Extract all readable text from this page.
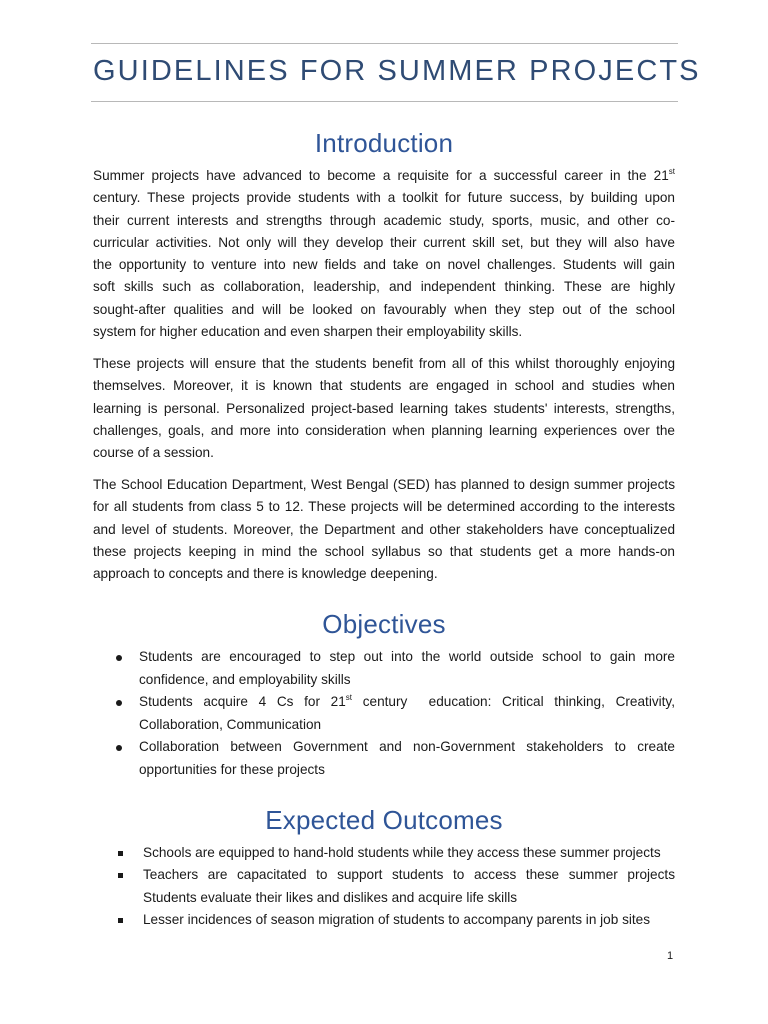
GUIDELINES FOR SUMMER PROJECTS
Introduction

Summer projects have advanced to become a requisite for a successful career in the 21st
century. These projects provide students with a toolkit for future success, by building upon
their current interests and strengths through academic study, sports, music, and other co-
curricular activities. Not only will they develop their current skill set, but they will also have
the opportunity to venture into new fields and take on novel challenges. Students will gain
soft skills such as collaboration, leadership, and independent thinking. These are highly
sought-after qualities and will be looked on favourably when they step out of the school
system for higher education and even sharpen their employability skills.

These projects will ensure that the students benefit from all of this whilst thoroughly enjoying
themselves. Moreover, it is known that students are engaged in school and studies when
learning is personal. Personalized project-based learning takes students' interests, strengths,
challenges, goals, and more into consideration when planning learning experiences over the
course of a session.

The School Education Department, West Bengal (SED) has planned to design summer projects
for all students from class 5 to 12. These projects will be determined according to the interests
and level of students. Moreover, the Department and other stakeholders have conceptualized
these projects keeping in mind the school syllabus so that students get a more hands-on
approach to concepts and there is knowledge deepening.

Objectives
Students are encouraged to step out into the world outside school to gain more
confidence, and employability skills
Students acquire 4 Cs for 21st century  education: Critical thinking, Creativity,
Collaboration, Communication
Collaboration between Government and non-Government stakeholders to create
opportunities for these projects
Expected Outcomes
Schools are equipped to hand-hold students while they access these summer projects
Teachers are capacitated to support students to access these summer projects
Students evaluate their likes and dislikes and acquire life skills
Lesser incidences of season migration of students to accompany parents in job sites
1
